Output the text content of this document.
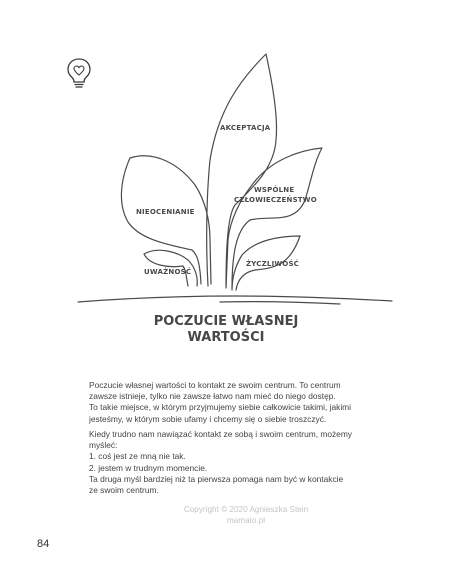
AKCEPTACJA
WSPÓLNE
CZŁOWIECZEŃSTWO
NIEOCENIANIE
UWAŻNOŚĆ
ŻYCZLIWOŚĆ
POCZUCIE WŁASNEJ
WARTOŚCI
Poczucie własnej wartości to kontakt ze swoim centrum. To centrum
zawsze istnieje, tylko nie zawsze łatwo nam mieć do niego dostęp.
To takie miejsce, w którym przyjmujemy siebie całkowicie takimi, jakimi
jesteśmy, w którym sobie ufamy i chcemy się o siebie troszczyć.
Kiedy trudno nam nawiązać kontakt ze sobą i swoim centrum, możemy
myśleć:
1. coś jest ze mną nie tak.
2. jestem w trudnym momencie.
Ta druga myśl bardziej niż ta pierwsza pomaga nam być w kontakcie
ze swoim centrum.
Copyright © 2020 Agnieszka Stein
mamato.pl
84
